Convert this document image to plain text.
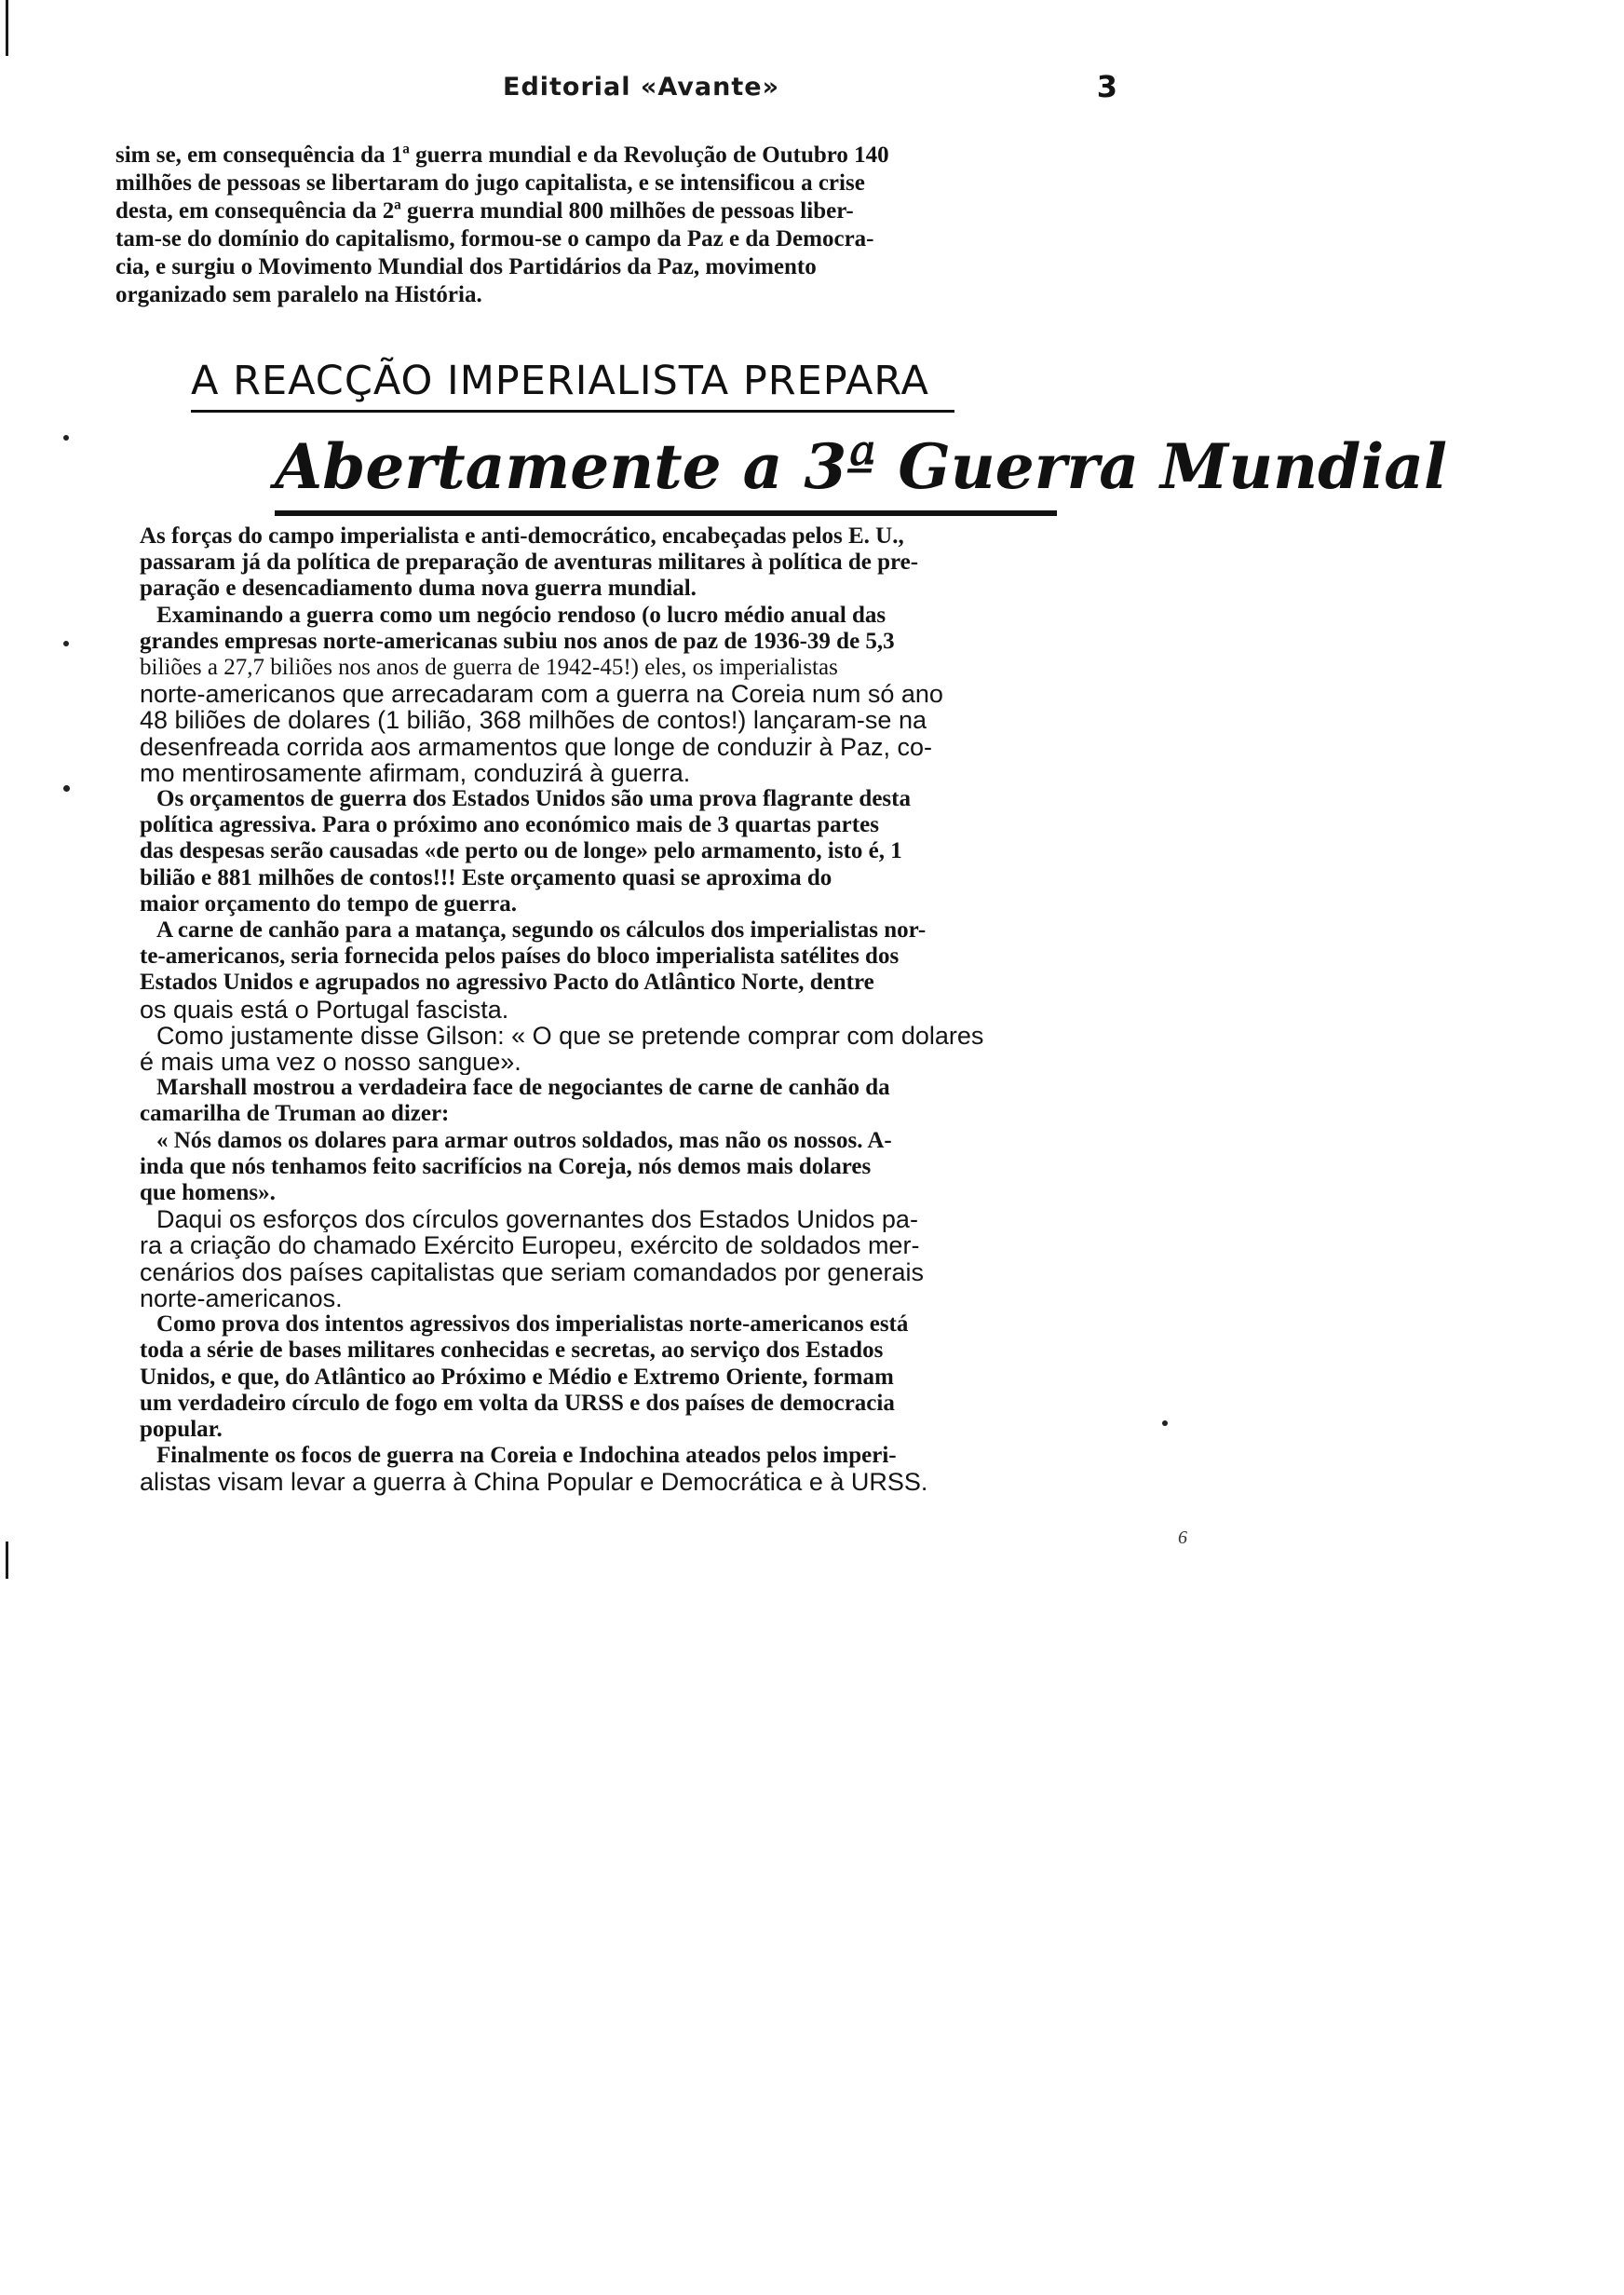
Editorial «Avante»	3
sim se, em consequência da 1ª guerra mundial e da Revolução de Outubro 140
milhões de pessoas se libertaram do jugo capitalista, e se intensificou a crise
desta, em consequência da 2ª guerra mundial 800 milhões de pessoas liber-
tam-se do domínio do capitalismo, formou-se o campo da Paz e da Democra-
cia, e surgiu o Movimento Mundial dos Partidários da Paz, movimento
organizado sem paralelo na História.
A REACÇÃO IMPERIALISTA PREPARA
Abertamente a 3ª Guerra Mundial
As forças do campo imperialista e anti-democrático, encabeçadas pelos E. U.,
passaram já da política de preparação de aventuras militares à política de pre-
paração e desencadiamento duma nova guerra mundial.
Examinando a guerra como um negócio rendoso (o lucro médio anual das
grandes empresas norte-americanas subiu nos anos de paz de 1936-39 de 5,3
biliões a 27,7 biliões nos anos de guerra de 1942-45!) eles, os imperialistas
norte-americanos que arrecadaram com a guerra na Coreia num só ano
48 biliões de dolares (1 bilião, 368 milhões de contos!) lançaram-se na
desenfreada corrida aos armamentos que longe de conduzir à Paz, co-
mo mentirosamente afirmam, conduzirá à guerra.
Os orçamentos de guerra dos Estados Unidos são uma prova flagrante desta
política agressiva. Para o próximo ano económico mais de 3 quartas partes
das despesas serão causadas «de perto ou de longe» pelo armamento, isto é, 1
bilião e 881 milhões de contos!!! Este orçamento quasi se aproxima do
maior orçamento do tempo de guerra.
A carne de canhão para a matança, segundo os cálculos dos imperialistas nor-
te-americanos, seria fornecida pelos países do bloco imperialista satélites dos
Estados Unidos e agrupados no agressivo Pacto do Atlântico Norte, dentre
os quais está o Portugal fascista.
Como justamente disse Gilson: « O que se pretende comprar com dolares
é mais uma vez o nosso sangue».
Marshall mostrou a verdadeira face de negociantes de carne de canhão da
camarilha de Truman ao dizer:
« Nós damos os dolares para armar outros soldados, mas não os nossos. A-
inda que nós tenhamos feito sacrifícios na Coreja, nós demos mais dolares
que homens».
Daqui os esforços dos círculos governantes dos Estados Unidos pa-
ra a criação do chamado Exército Europeu, exército de soldados mer-
cenários dos países capitalistas que seriam comandados por generais
norte-americanos.
Como prova dos intentos agressivos dos imperialistas norte-americanos está
toda a série de bases militares conhecidas e secretas, ao serviço dos Estados
Unidos, e que, do Atlântico ao Próximo e Médio e Extremo Oriente, formam
um verdadeiro círculo de fogo em volta da URSS e dos países de democracia
popular.
Finalmente os focos de guerra na Coreia e Indochina ateados pelos imperi-
alistas visam levar a guerra à China Popular e Democrática e à URSS.
6
